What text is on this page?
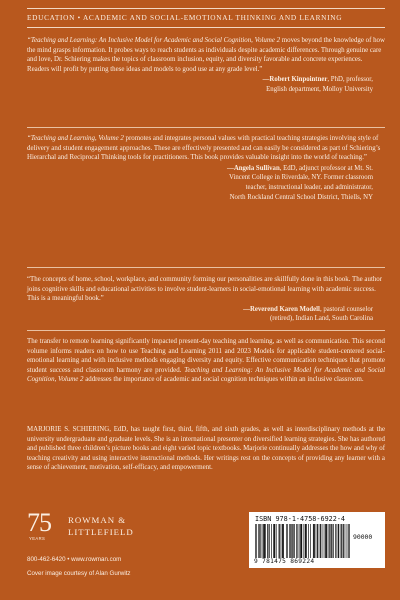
EDUCATION • ACADEMIC AND SOCIAL-EMOTIONAL THINKING AND LEARNING

“Teaching and Learning: An Inclusive Model for Academic and Social Cognition, Volume 2 moves beyond the knowledge of how the mind grasps information. It probes ways to reach students as individuals despite academic differences. Through genuine care and love, Dr. Schiering makes the topics of classroom inclusion, equity, and diversity favorable and concrete experiences. Readers will profit by putting these ideas and models to good use at any grade level.”

—Robert Kinpointner, PhD, professor,
English department, Molloy University

“Teaching and Learning, Volume 2 promotes and integrates personal values with practical teaching strategies involving style of delivery and student engagement approaches. These are effectively presented and can easily be considered as part of Schiering’s Hierarchal and Reciprocal Thinking tools for practitioners. This book provides valuable insight into the world of teaching.”

—Angela Sullivan, EdD, adjunct professor at Mt. St.
Vincent College in Riverdale, NY. Former classroom
teacher, instructional leader, and administrator,
North Rockland Central School District, Thiells, NY

“The concepts of home, school, workplace, and community forming our personalities are skillfully done in this book. The author joins cognitive skills and educational activities to involve student-learners in social-emotional learning with academic success. This is a meaningful book.”

—Reverend Karen Modell, pastoral counselor
(retired), Indian Land, South Carolina

The transfer to remote learning significantly impacted present-day teaching and learning, as well as communication. This second volume informs readers on how to use Teaching and Learning 2011 and 2023 Models for applicable student-centered social-emotional learning and with inclusive methods engaging diversity and equity. Effective communication techniques that promote student success and classroom harmony are provided. Teaching and Learning: An Inclusive Model for Academic and Social Cognition, Volume 2 addresses the importance of academic and social cognition techniques within an inclusive classroom.

MARJORIE S. SCHIERING, EdD, has taught first, third, fifth, and sixth grades, as well as interdisciplinary methods at the university undergraduate and graduate levels. She is an international presenter on diversified learning strategies. She has authored and published three children’s picture books and eight varied topic textbooks. Marjorie continually addresses the how and why of teaching creativity and using interactive instructional methods. Her writings rest on the concepts of providing any learner with a sense of achievement, motivation, self-efficacy, and empowerment.

75
YEARS
ROWMAN &
LITTLEFIELD
800-462-6420 • www.rowman.com
Cover image courtesy of Alan Gurwitz
ISBN 978-1-4758-6922-4
90000
9 781475 869224
